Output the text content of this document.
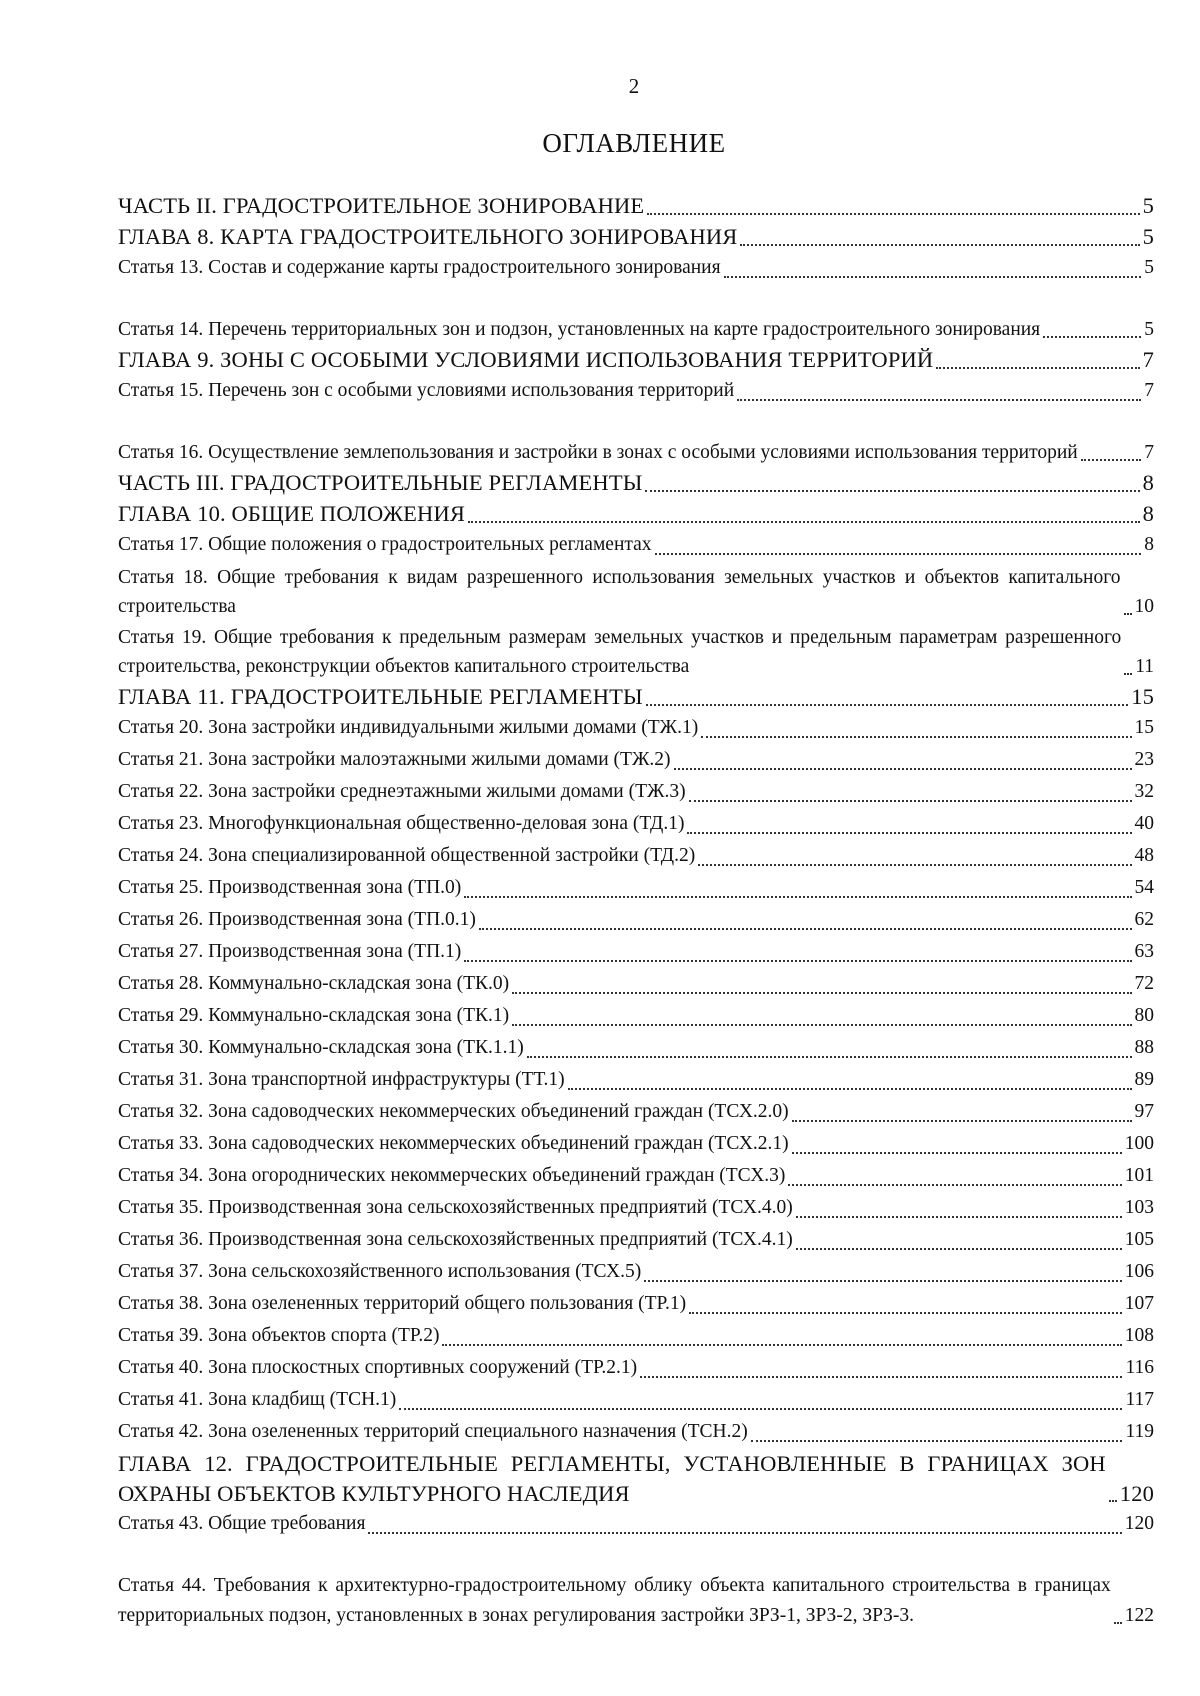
2
ОГЛАВЛЕНИЕ
ЧАСТЬ II. ГРАДОСТРОИТЕЛЬНОЕ ЗОНИРОВАНИЕ	5
ГЛАВА 8. КАРТА ГРАДОСТРОИТЕЛЬНОГО ЗОНИРОВАНИЯ	5
Статья 13. Состав и содержание карты градостроительного зонирования	5
Статья 14. Перечень территориальных зон и подзон, установленных на карте градостроительного зонирования	5
ГЛАВА 9. ЗОНЫ С ОСОБЫМИ УСЛОВИЯМИ ИСПОЛЬЗОВАНИЯ ТЕРРИТОРИЙ	7
Статья 15. Перечень зон с особыми условиями использования территорий	7
Статья 16. Осуществление землепользования и застройки в зонах с особыми условиями использования территорий	7
ЧАСТЬ III. ГРАДОСТРОИТЕЛЬНЫЕ РЕГЛАМЕНТЫ	8
ГЛАВА 10. ОБЩИЕ ПОЛОЖЕНИЯ	8
Статья 17. Общие положения о градостроительных регламентах	8
Статья 18. Общие требования к видам разрешенного использования земельных участков и объектов капитального строительства	10
Статья 19. Общие требования к предельным размерам земельных участков и предельным параметрам разрешенного строительства, реконструкции объектов капитального строительства	11
ГЛАВА 11. ГРАДОСТРОИТЕЛЬНЫЕ РЕГЛАМЕНТЫ	15
Статья 20. Зона застройки индивидуальными жилыми домами (ТЖ.1)	15
Статья 21. Зона застройки малоэтажными жилыми домами (ТЖ.2)	23
Статья 22. Зона застройки среднеэтажными жилыми домами (ТЖ.3)	32
Статья 23. Многофункциональная общественно-деловая зона (ТД.1)	40
Статья 24. Зона специализированной общественной застройки (ТД.2)	48
Статья 25. Производственная зона (ТП.0)	54
Статья 26. Производственная зона (ТП.0.1)	62
Статья 27. Производственная зона (ТП.1)	63
Статья 28. Коммунально-складская зона (ТК.0)	72
Статья 29. Коммунально-складская зона (ТК.1)	80
Статья 30. Коммунально-складская зона (ТК.1.1)	88
Статья 31. Зона транспортной инфраструктуры (ТТ.1)	89
Статья 32. Зона садоводческих некоммерческих объединений граждан (ТСХ.2.0)	97
Статья 33. Зона садоводческих некоммерческих объединений граждан (ТСХ.2.1)	100
Статья 34. Зона огороднических некоммерческих объединений граждан (ТСХ.3)	101
Статья 35. Производственная зона сельскохозяйственных предприятий (ТСХ.4.0)	103
Статья 36. Производственная зона сельскохозяйственных предприятий (ТСХ.4.1)	105
Статья 37. Зона сельскохозяйственного использования (ТСХ.5)	106
Статья 38. Зона озелененных территорий общего пользования (ТР.1)	107
Статья 39. Зона объектов спорта (ТР.2)	108
Статья 40. Зона плоскостных спортивных сооружений (ТР.2.1)	116
Статья 41. Зона кладбищ (ТСН.1)	117
Статья 42. Зона озелененных территорий специального назначения (ТСН.2)	119
ГЛАВА 12. ГРАДОСТРОИТЕЛЬНЫЕ РЕГЛАМЕНТЫ, УСТАНОВЛЕННЫЕ В ГРАНИЦАХ ЗОН ОХРАНЫ ОБЪЕКТОВ КУЛЬТУРНОГО НАСЛЕДИЯ	120
Статья 43. Общие требования	120
Статья 44. Требования к архитектурно-градостроительному облику объекта капитального строительства в границах территориальных подзон, установленных в зонах регулирования застройки ЗРЗ-1, ЗРЗ-2, ЗРЗ-3.	122
